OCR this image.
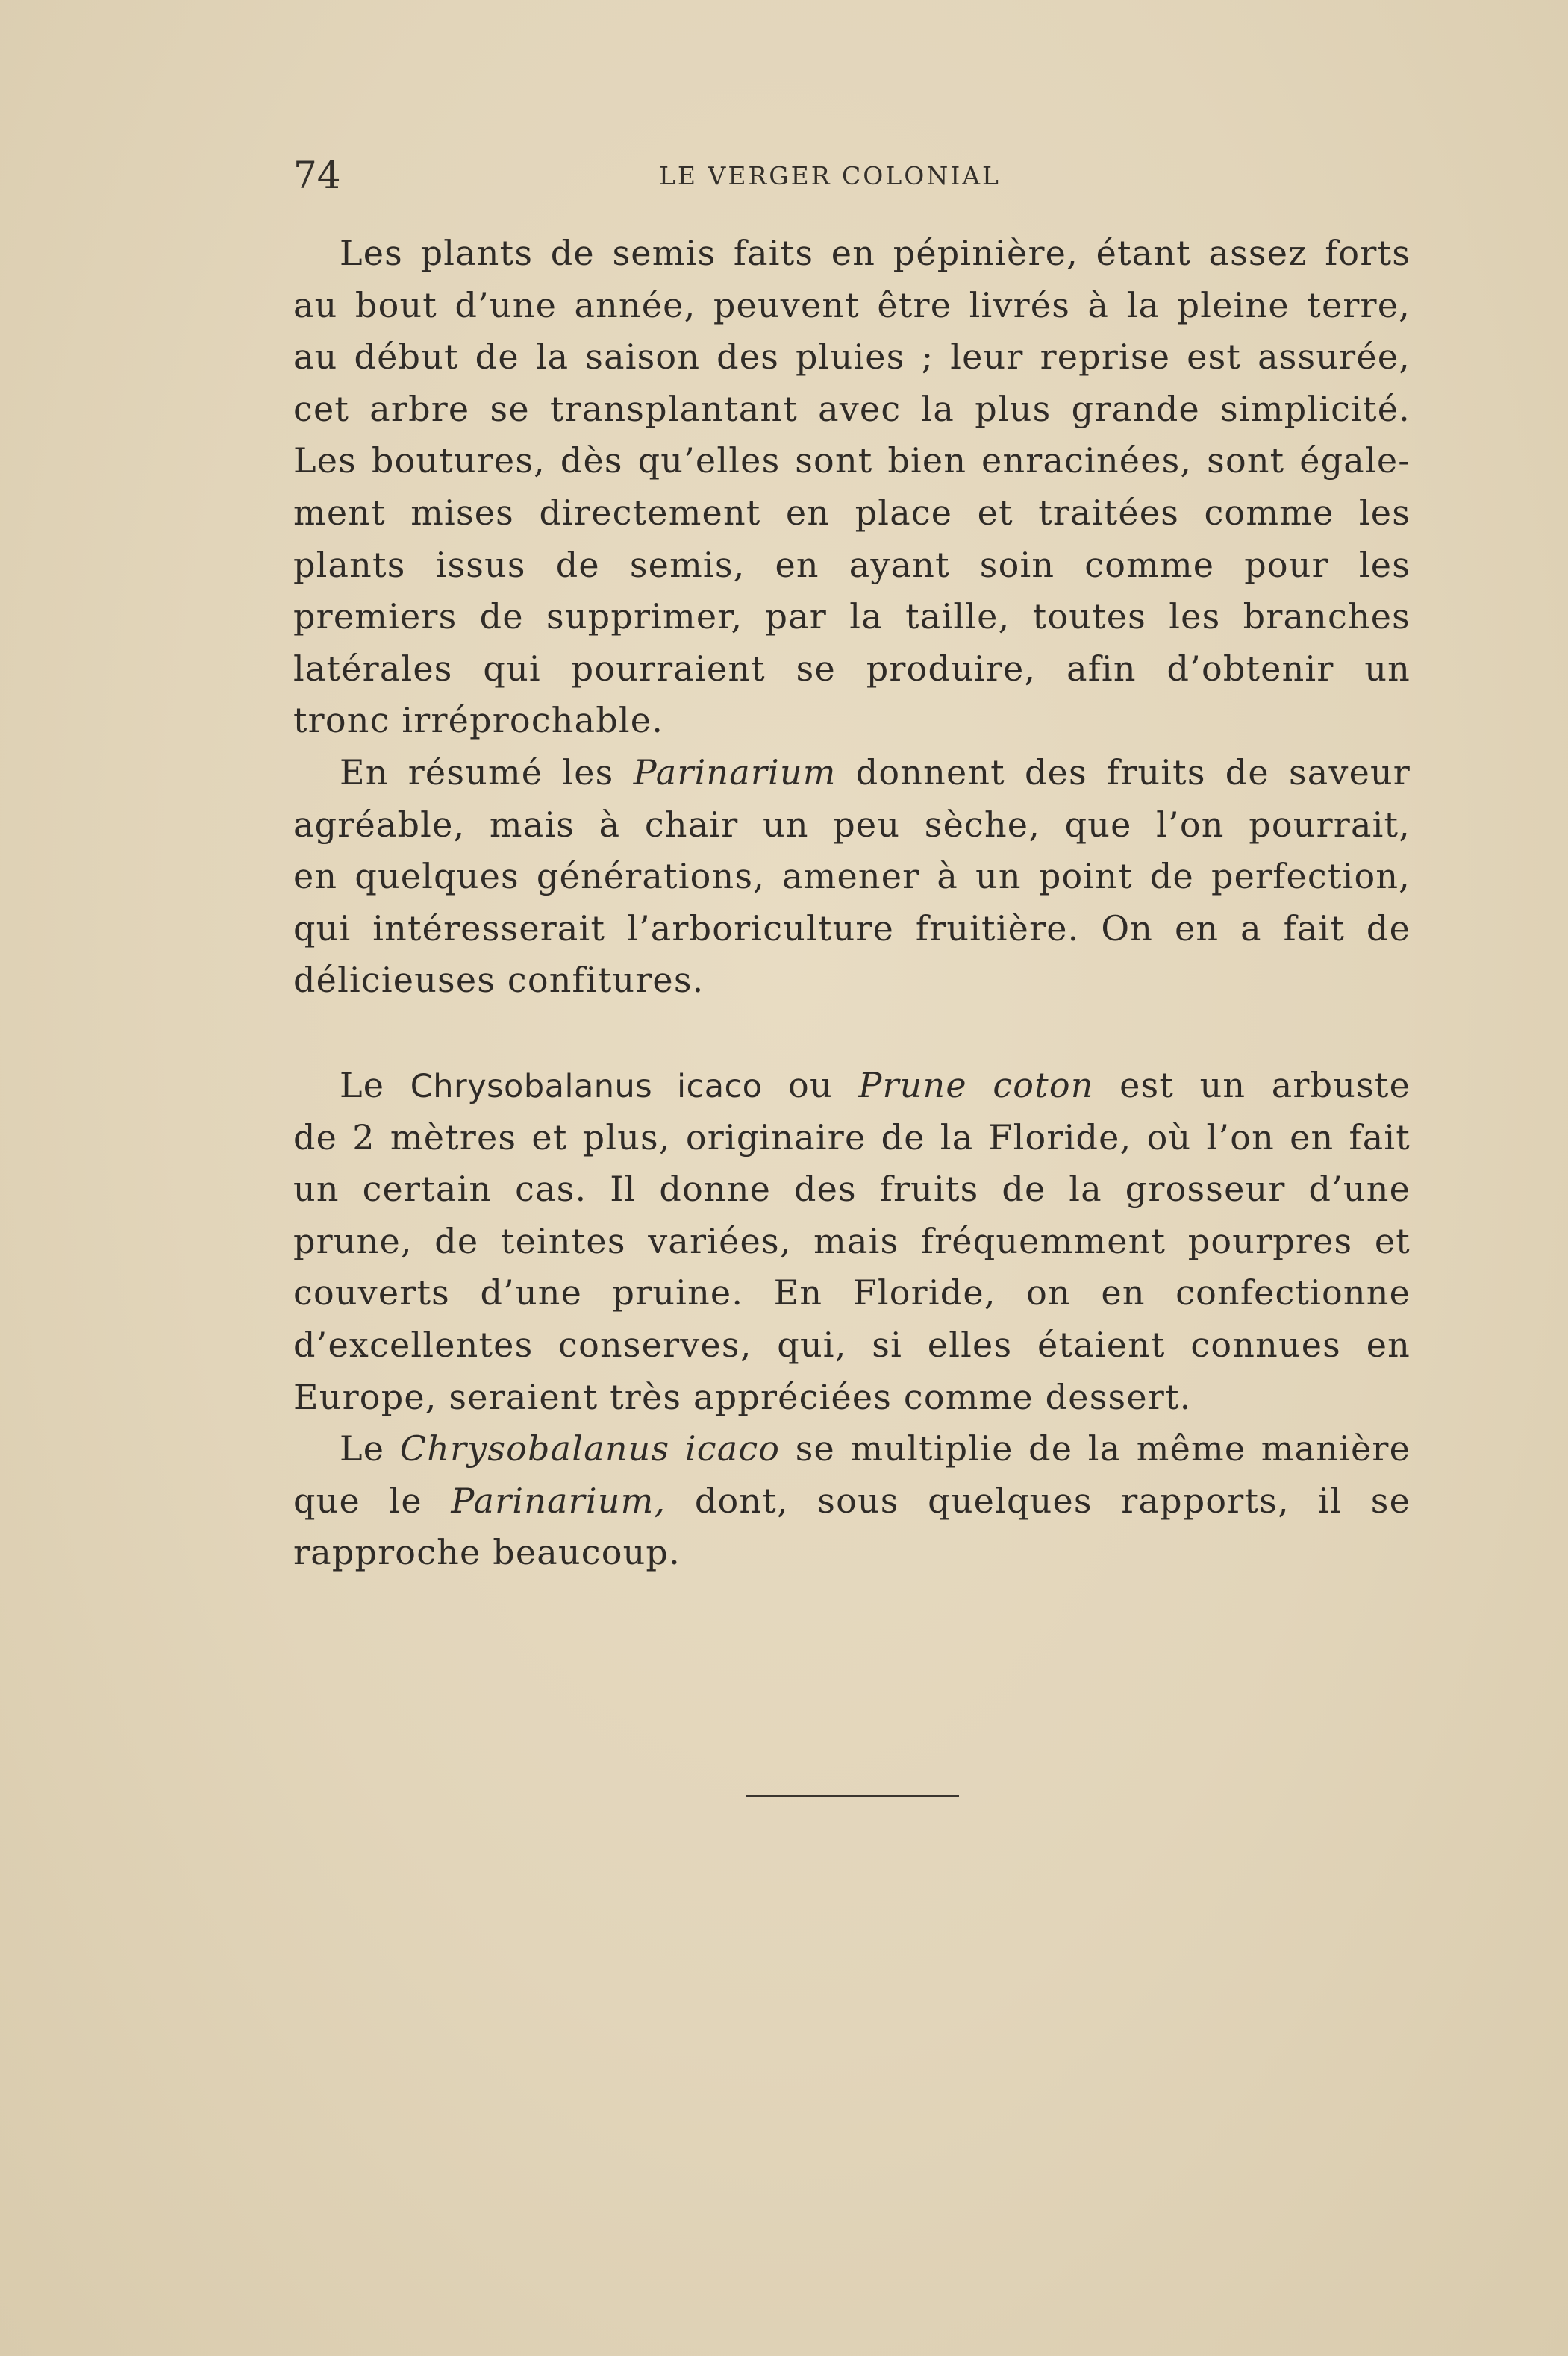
74	LE VERGER COLONIAL
Les plants de semis faits en pépinière, étant assez forts
au bout d’une année, peuvent être livrés à la pleine terre,
au début de la saison des pluies ; leur reprise est assurée,
cet arbre se transplantant avec la plus grande simplicité.
Les boutures, dès qu’elles sont bien enracinées, sont égale-
ment mises directement en place et traitées comme les
plants issus de semis, en ayant soin comme pour les
premiers de supprimer, par la taille, toutes les branches
latérales qui pourraient se produire, afin d’obtenir un
tronc irréprochable.
En résumé les Parinarium donnent des fruits de saveur
agréable, mais à chair un peu sèche, que l’on pourrait,
en quelques générations, amener à un point de perfection,
qui intéresserait l’arboriculture fruitière. On en a fait de
délicieuses confitures.
Le Chrysobalanus icaco ou Prune coton est un arbuste
de 2 mètres et plus, originaire de la Floride, où l’on en fait
un certain cas. Il donne des fruits de la grosseur d’une
prune, de teintes variées, mais fréquemment pourpres et
couverts d’une pruine. En Floride, on en confectionne
d’excellentes conserves, qui, si elles étaient connues en
Europe, seraient très appréciées comme dessert.
Le Chrysobalanus icaco se multiplie de la même manière
que le Parinarium, dont, sous quelques rapports, il se
rapproche beaucoup.
